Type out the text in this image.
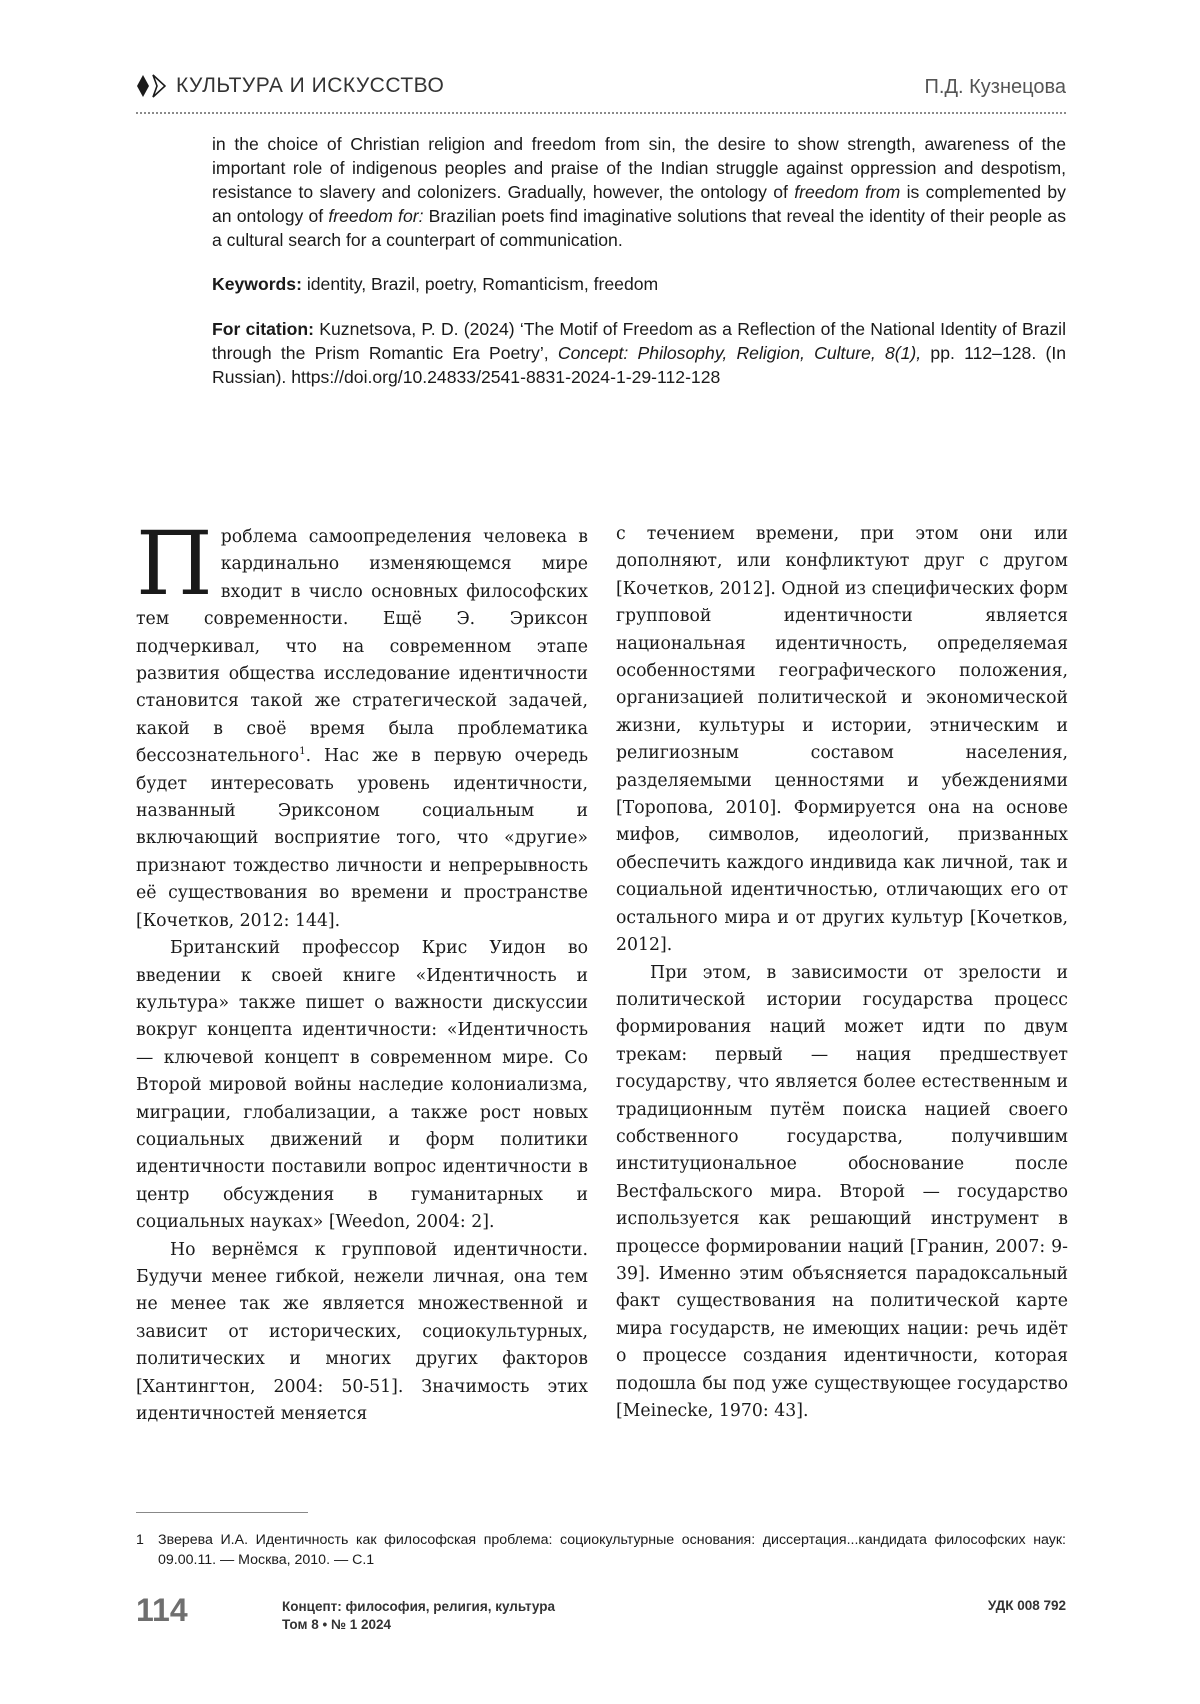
КУЛЬТУРА И ИСКУССТВО	П.Д. Кузнецова

in the choice of Christian religion and freedom from sin, the desire to show strength, awareness of the important role of indigenous peoples and praise of the Indian struggle against oppression and despotism, resistance to slavery and colonizers. Gradually, however, the ontology of freedom from is complemented by an ontology of freedom for: Brazilian poets find imaginative solutions that reveal the identity of their people as a cultural search for a counterpart of communication.

Keywords: identity, Brazil, poetry, Romanticism, freedom
For citation: Kuznetsova, P. D. (2024) ‘The Motif of Freedom as a Reflection of the National Identity of Brazil through the Prism Romantic Era Poetry’, Concept: Philosophy, Religion, Culture, 8(1), pp. 112–128. (In Russian). https://doi.org/10.24833/2541-8831-2024-1-29-112-128

Проблема самоопределения человека в кардинально изменяющемся мире входит в число основных философских тем современности. Ещё Э. Эриксон подчеркивал, что на современном этапе развития общества исследование идентичности становится такой же стратегической задачей, какой в своё время была проблематика бессознательного$^1$. Нас же в первую очередь будет интересовать уровень идентичности, названный Эриксоном социальным и включающий восприятие того, что «другие» признают тождество личности и непрерывность её существования во времени и пространстве [Кочетков, 2012: 144].

Британский профессор Крис Уидон во введении к своей книге «Идентичность и культура» также пишет о важности дискуссии вокруг концепта идентичности: «Идентичность — ключевой концепт в современном мире. Со Второй мировой войны наследие колониализма, миграции, глобализации, а также рост новых социальных движений и форм политики идентичности поставили вопрос идентичности в центр обсуждения в гуманитарных и социальных науках» [Weedon, 2004: 2].

Но вернёмся к групповой идентичности. Будучи менее гибкой, нежели личная, она тем не менее так же является множественной и зависит от исторических, социокультурных, политических и многих других факторов [Хантингтон, 2004: 50-51]. Значимость этих идентичностей меняется

с течением времени, при этом они или дополняют, или конфликтуют друг с другом [Кочетков, 2012]. Одной из специфических форм групповой идентичности является национальная идентичность, определяемая особенностями географического положения, организацией политической и экономической жизни, культуры и истории, этническим и религиозным составом населения, разделяемыми ценностями и убеждениями [Торопова, 2010]. Формируется она на основе мифов, символов, идеологий, призванных обеспечить каждого индивида как личной, так и социальной идентичностью, отличающих его от остального мира и от других культур [Кочетков, 2012].

При этом, в зависимости от зрелости и политической истории государства процесс формирования наций может идти по двум трекам: первый — нация предшествует государству, что является более естественным и традиционным путём поиска нацией своего собственного государства, получившим институциональное обоснование после Вестфальского мира. Второй — государство используется как решающий инструмент в процессе формировании наций [Гранин, 2007: 9-39]. Именно этим объясняется парадоксальный факт существования на политической карте мира государств, не имеющих нации: речь идёт о процессе создания идентичности, которая подошла бы под уже существующее государство [Meinecke, 1970: 43].

1 Зверева И.А. Идентичность как философская проблема: социокультурные основания: диссертация...кандидата философских наук: 09.00.11. — Москва, 2010. — С.1
114	Концепт: философия, религия, культура
Том 8 • № 1 2024
УДК 008 792
